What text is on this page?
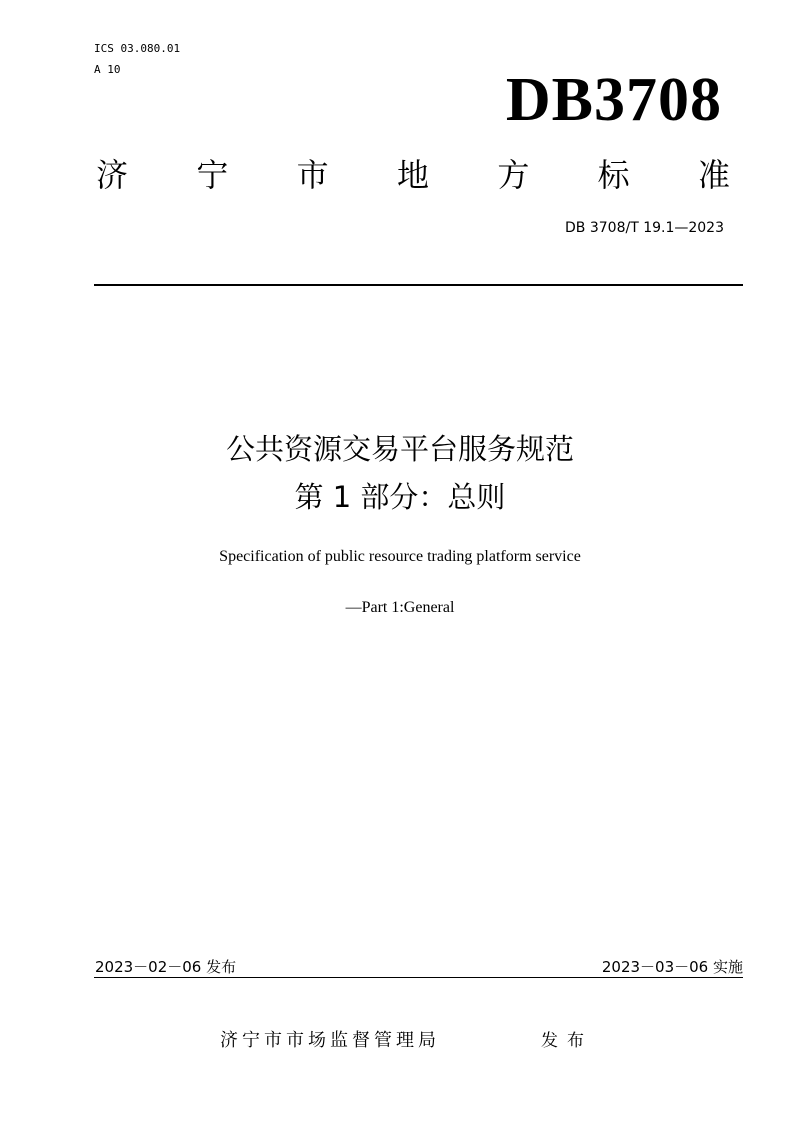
ICS 03.080.01
A 10	DB3708
济 宁 市 地 方 标 准
DB 3708/T 19.1—2023
公共资源交易平台服务规范
第 1 部分：总则
Specification of public resource trading platform service
—Part 1:General
2023－02－06 发布	2023－03－06 实施
济宁市市场监督管理局	发布
